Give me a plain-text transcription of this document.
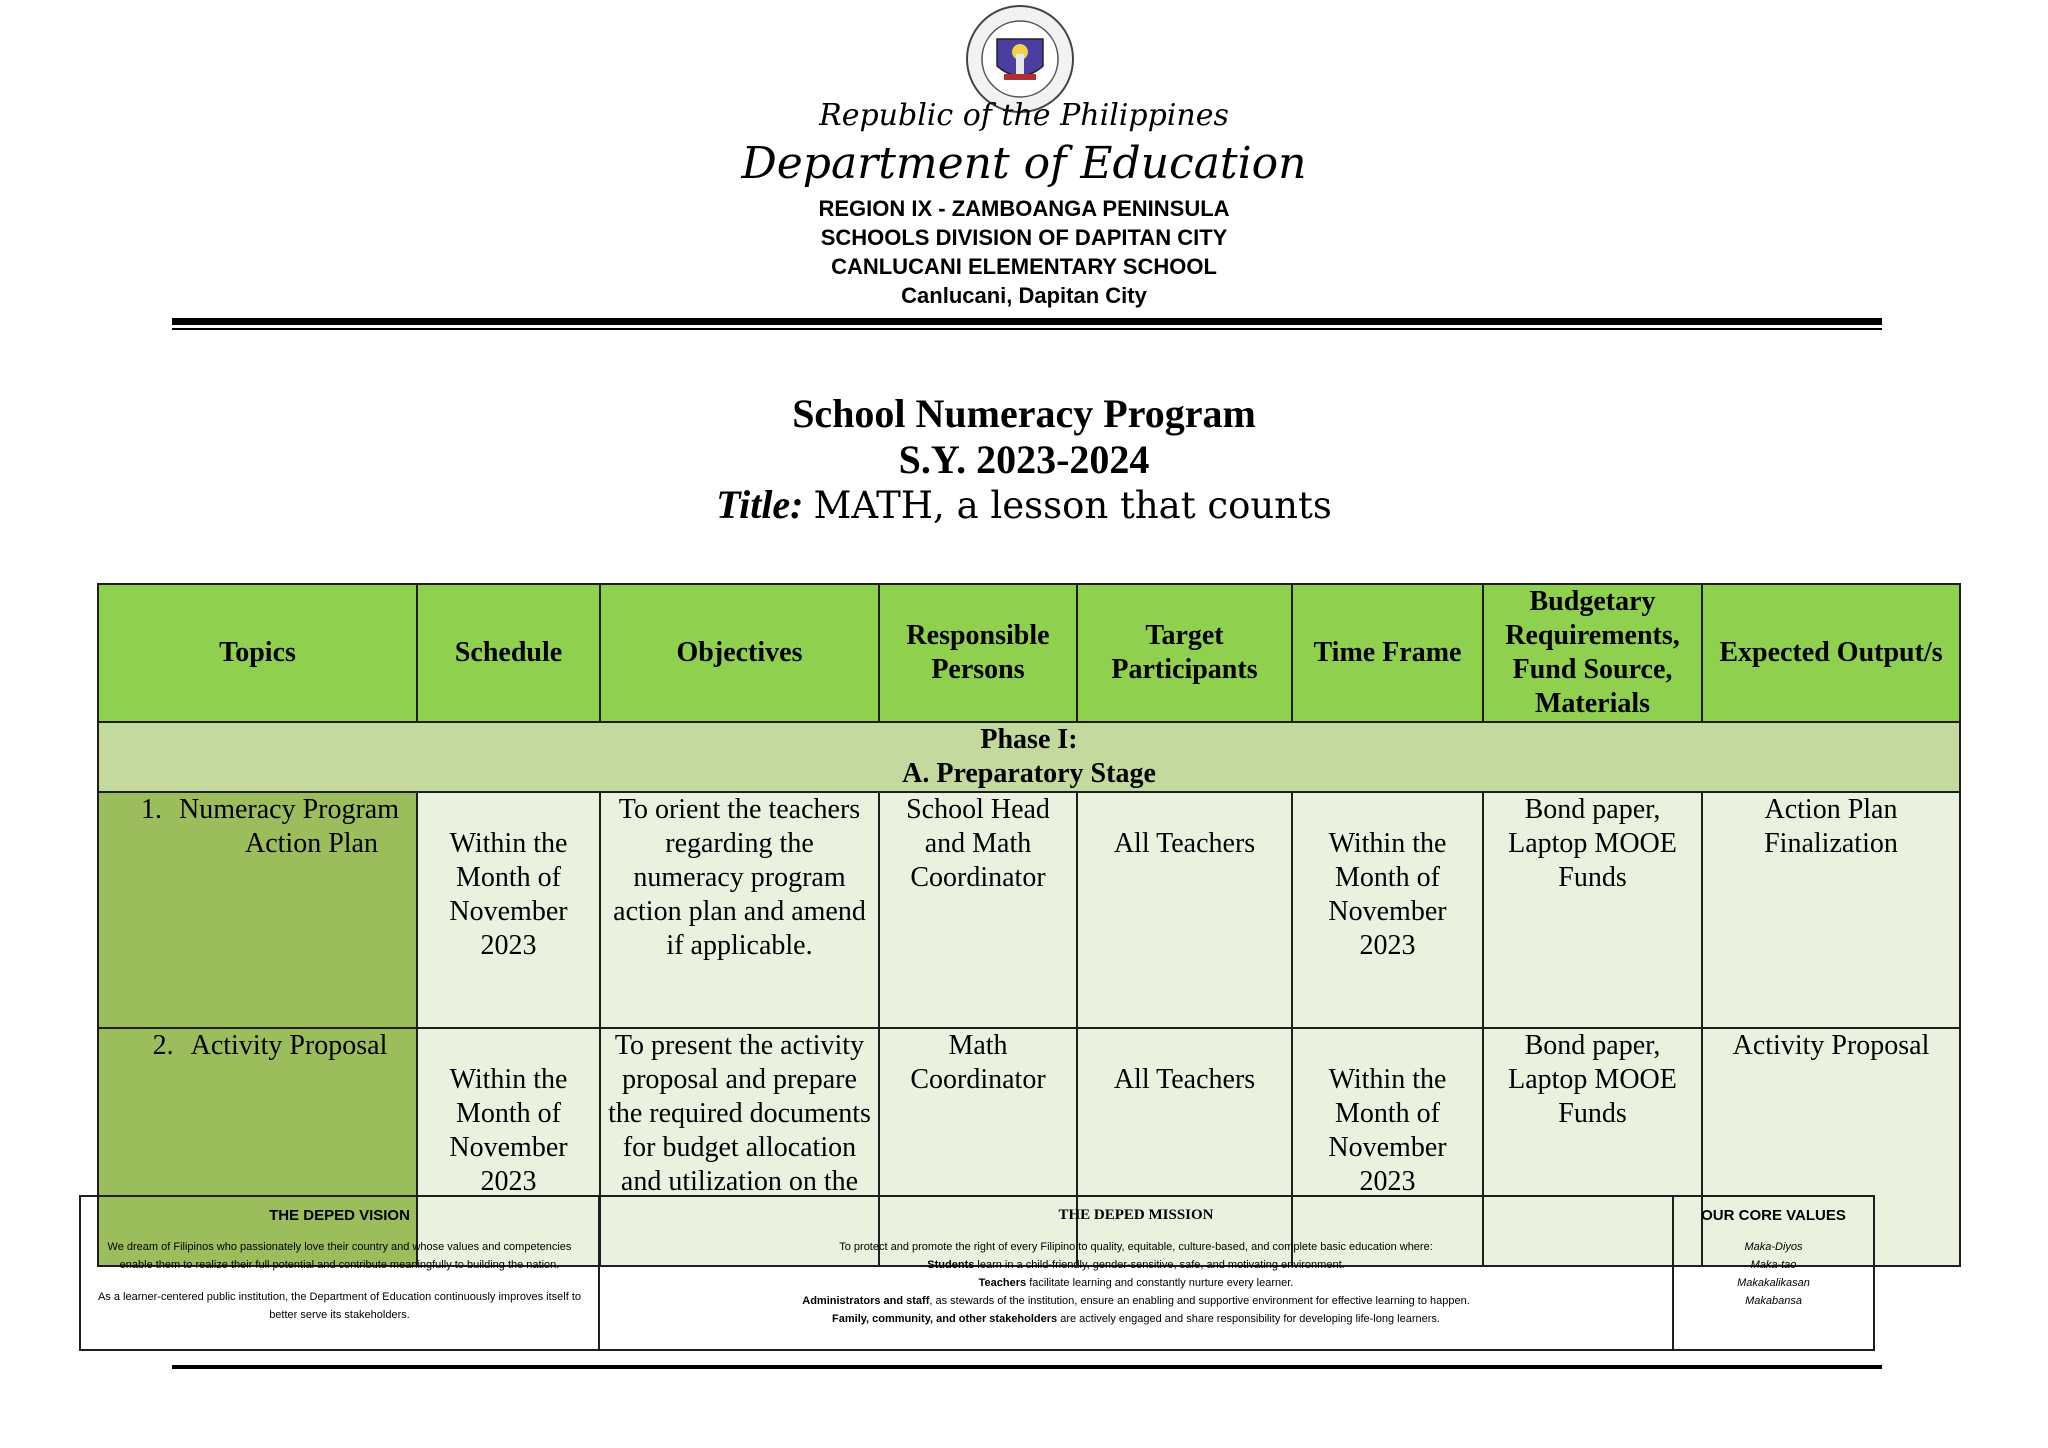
Republic of the Philippines
Department of Education
REGION IX - ZAMBOANGA PENINSULA
SCHOOLS DIVISION OF DAPITAN CITY
CANLUCANI ELEMENTARY SCHOOL
Canlucani, Dapitan City
School Numeracy Program
S.Y. 2023-2024
Title: MATH, a lesson that counts
Topics	Schedule	Objectives	Responsible Persons	Target Participants	Time Frame	Budgetary Requirements, Fund Source, Materials	Expected Output/s

Phase I:
A. Preparatory Stage							

1. Numeracy Program
Action Plan	Within the Month of November 2023	To orient the teachers regarding the numeracy program action plan and amend if applicable.	School Head and Math Coordinator	All Teachers	Within the Month of November 2023	Bond paper, Laptop MOOE Funds	Action Plan Finalization
2. Activity Proposal	Within the Month of November 2023	To present the activity proposal and prepare the required documents for budget allocation and utilization on the	Math Coordinator	All Teachers	Within the Month of November 2023	Bond paper, Laptop MOOE Funds	Activity Proposal
THE DEPED VISION

We dream of Filipinos who passionately love their country and whose values and competencies enable them to realize their full potential and contribute meaningfully to building the nation.

As a learner-centered public institution, the Department of Education continuously improves itself to better serve its stakeholders.

THE DEPED MISSION

To protect and promote the right of every Filipino to quality, equitable, culture-based, and complete basic education where:

Students learn in a child-friendly, gender-sensitive, safe, and motivating environment.

Teachers facilitate learning and constantly nurture every learner.

Administrators and staff, as stewards of the institution, ensure an enabling and supportive environment for effective learning to happen.

Family, community, and other stakeholders are actively engaged and share responsibility for developing life-long learners.

OUR CORE VALUES

Maka-Diyos

Maka-tao

Makakalikasan

Makabansa
